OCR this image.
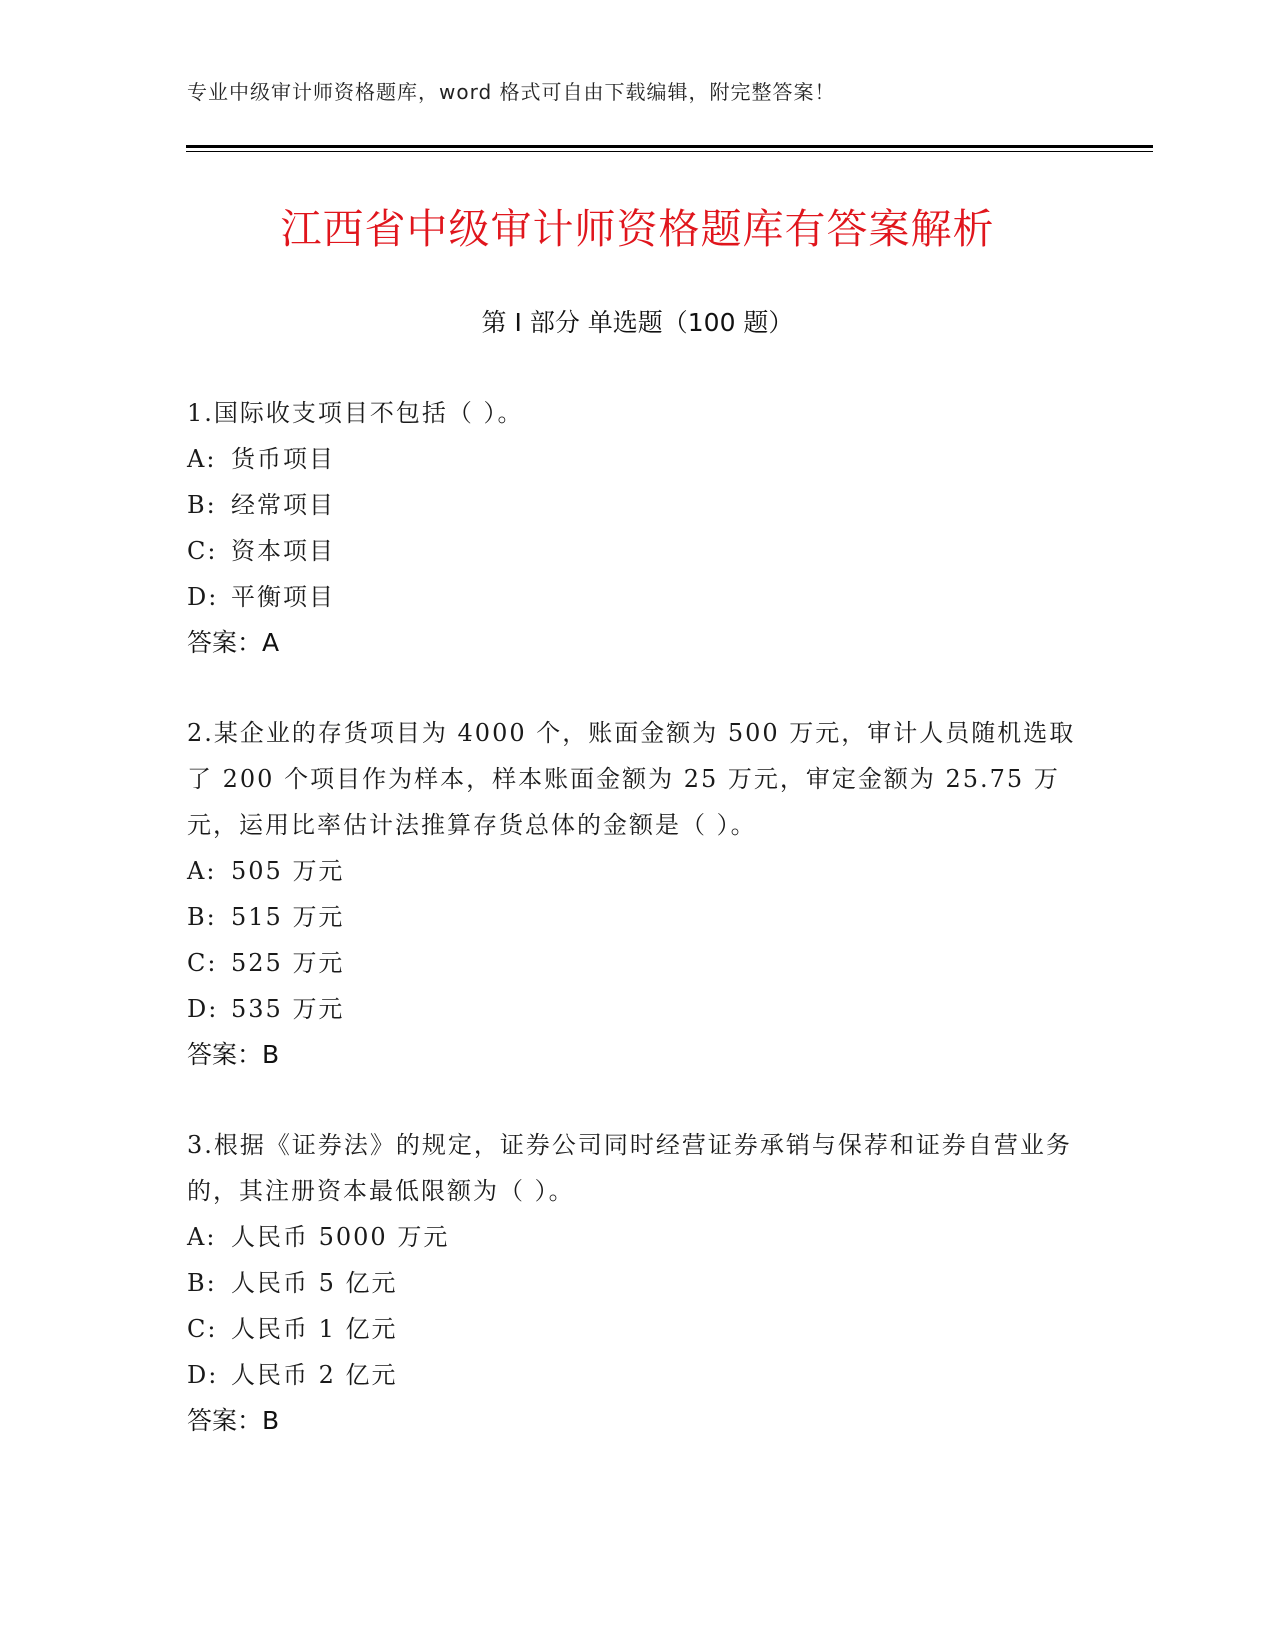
专业中级审计师资格题库，word 格式可自由下载编辑，附完整答案！
江西省中级审计师资格题库有答案解析
第 I 部分 单选题（100 题）

1.国际收支项目不包括（ ）。

A: 货币项目
B: 经常项目
C: 资本项目
D: 平衡项目
答案：A

2.某企业的存货项目为 4000 个，账面金额为 500 万元，审计人员随机选取了 200 个项目作为样本，样本账面金额为 25 万元，审定金额为 25.75 万元，运用比率估计法推算存货总体的金额是（ ）。

A: 505 万元
B: 515 万元
C: 525 万元
D: 535 万元
答案：B

3.根据《证券法》的规定，证券公司同时经营证券承销与保荐和证券自营业务的，其注册资本最低限额为（ ）。

A: 人民币 5000 万元
B: 人民币 5 亿元
C: 人民币 1 亿元
D: 人民币 2 亿元
答案：B
